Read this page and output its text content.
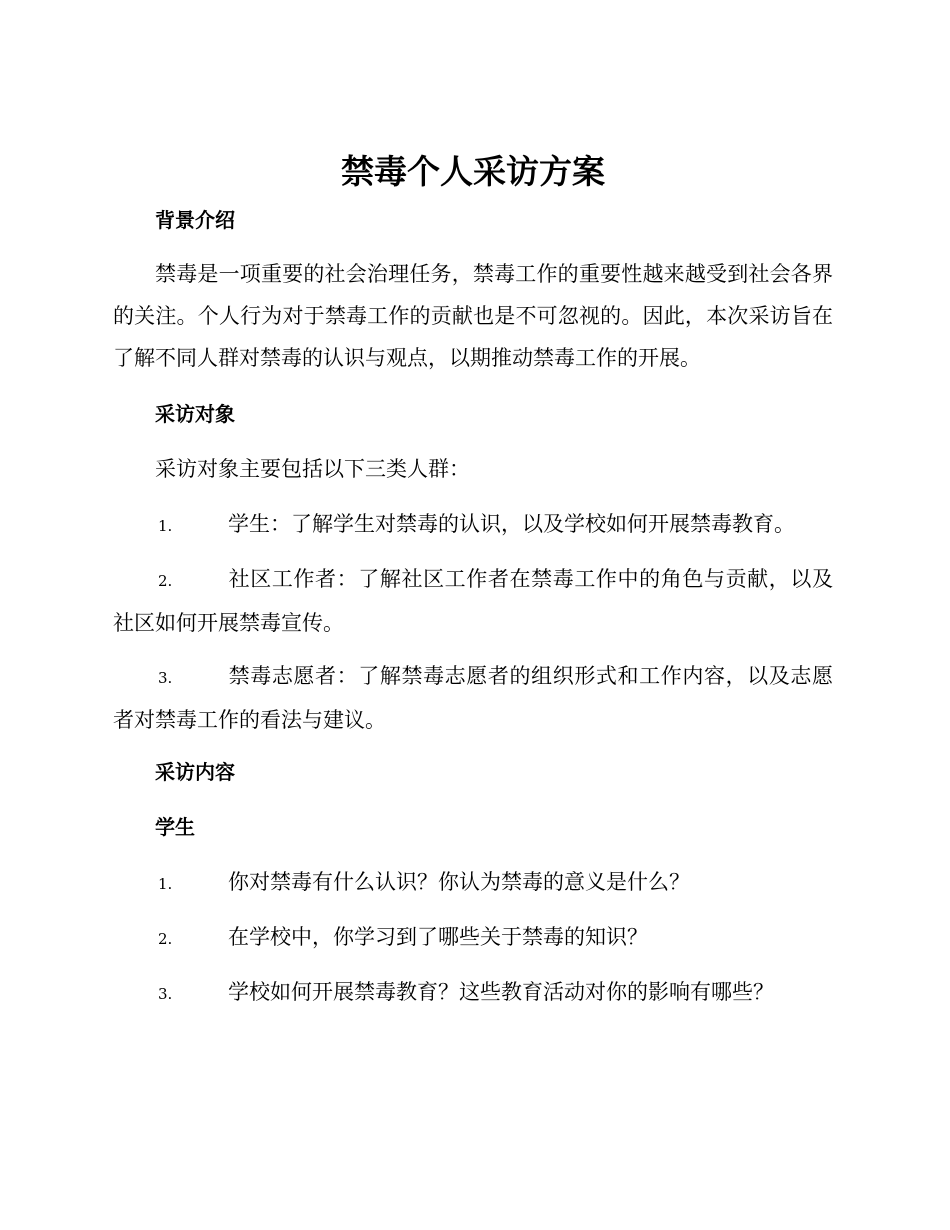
禁毒个人采访方案
背景介绍

禁毒是一项重要的社会治理任务，禁毒工作的重要性越来越受到社会各界的关注。个人行为对于禁毒工作的贡献也是不可忽视的。因此，本次采访旨在了解不同人群对禁毒的认识与观点，以期推动禁毒工作的开展。

采访对象

采访对象主要包括以下三类人群：

1.	学生：了解学生对禁毒的认识，以及学校如何开展禁毒教育。

2.	社区工作者：了解社区工作者在禁毒工作中的角色与贡献，以及社区如何开展禁毒宣传。

3.	禁毒志愿者：了解禁毒志愿者的组织形式和工作内容，以及志愿者对禁毒工作的看法与建议。

采访内容
学生

1.	你对禁毒有什么认识？你认为禁毒的意义是什么？

2.	在学校中，你学习到了哪些关于禁毒的知识？

3.	学校如何开展禁毒教育？这些教育活动对你的影响有哪些？
